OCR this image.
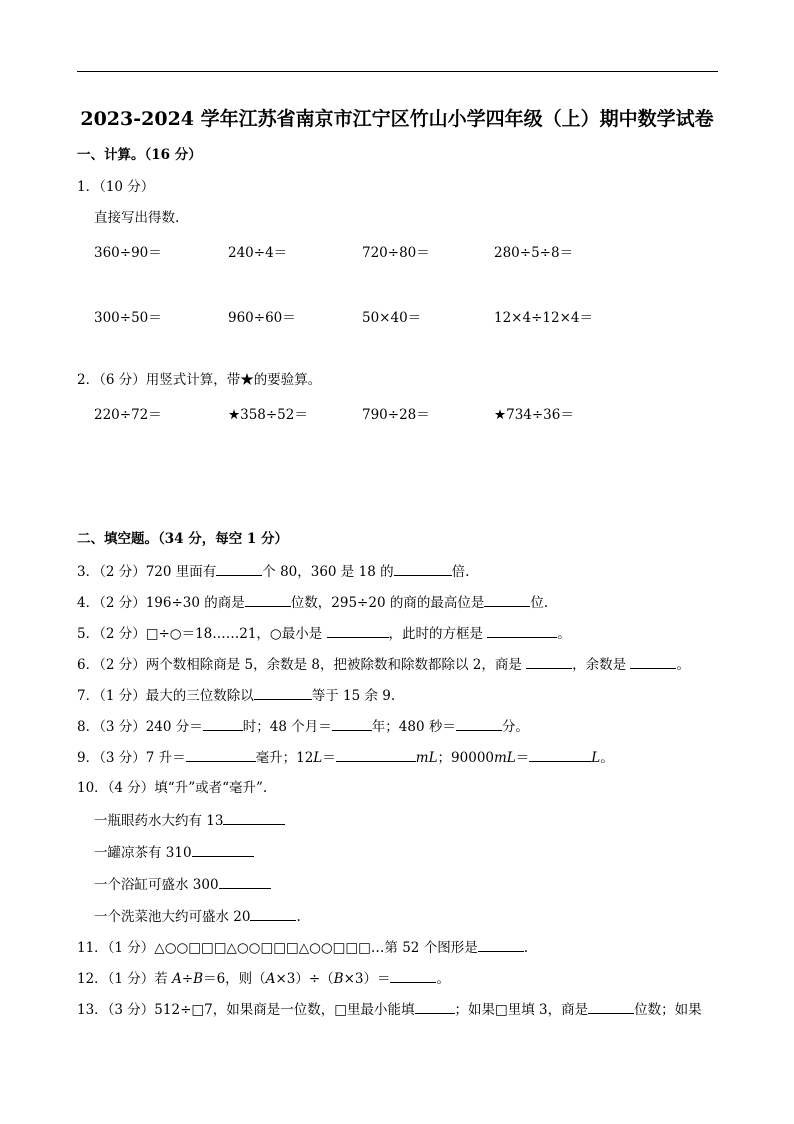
2023-2024 学年江苏省南京市江宁区竹山小学四年级（上）期中数学试卷
一、计算。（16 分）
1．（10 分）
直接写出得数.
360÷90＝	240÷4＝	720÷80＝	280÷5÷8＝
300÷50＝	960÷60＝	50×40＝	12×4÷12×4＝
2．（6 分）用竖式计算，带★的要验算。
220÷72＝	★358÷52＝	790÷28＝	★734÷36＝
二、填空题。（34 分，每空 1 分）
3．（2 分）720 里面有	个 80，360 是 18 的	倍.
4．（2 分）196÷30 的商是	位数，295÷20 的商的最高位是	位.
5．（2 分）□÷○＝18……21，○最小是	，此时的方框是	。
6．（2 分）两个数相除商是 5，余数是 8，把被除数和除数都除以 2，商是	，余数是	。
7．（1 分）最大的三位数除以	等于 15 余 9.
8．（3 分）240 分＝	时；48 个月＝	年；480 秒＝	分。
9．（3 分）7 升＝	毫升；12L＝	mL；90000mL＝	L。
10．（4 分）填“升”或者“毫升”.
一瓶眼药水大约有 13
一罐凉茶有 310
一个浴缸可盛水 300
一个洗菜池大约可盛水 20	.
11．（1 分）△○○□□□△○○□□□△○○□□□…第 52 个图形是	.
12．（1 分）若 A÷B＝6，则（A×3）÷（B×3）＝	。
13．（3 分）512÷□7，如果商是一位数，□里最小能填	；如果□里填 3，商是	位数；如果
